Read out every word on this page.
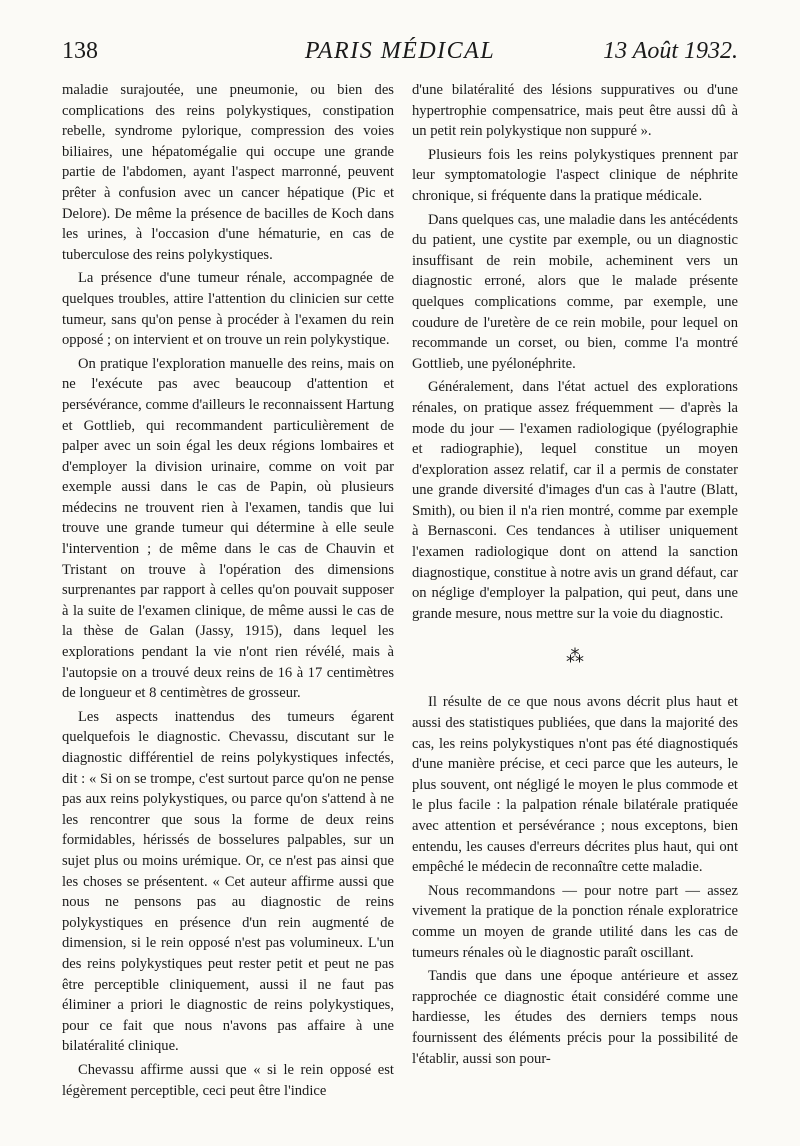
138	PARIS MÉDICAL	13 Août 1932.

maladie surajoutée, une pneumonie, ou bien des complications des reins polykystiques, constipation rebelle, syndrome pylorique, compression des voies biliaires, une hépatomégalie qui occupe une grande partie de l'abdomen, ayant l'aspect marronné, peuvent prêter à confusion avec un cancer hépatique (Pic et Delore). De même la présence de bacilles de Koch dans les urines, à l'occasion d'une hématurie, en cas de tuberculose des reins polykystiques.

La présence d'une tumeur rénale, accompagnée de quelques troubles, attire l'attention du clinicien sur cette tumeur, sans qu'on pense à procéder à l'examen du rein opposé ; on intervient et on trouve un rein polykystique.

On pratique l'exploration manuelle des reins, mais on ne l'exécute pas avec beaucoup d'attention et persévérance, comme d'ailleurs le reconnaissent Hartung et Gottlieb, qui recommandent particulièrement de palper avec un soin égal les deux régions lombaires et d'employer la division urinaire, comme on voit par exemple aussi dans le cas de Papin, où plusieurs médecins ne trouvent rien à l'examen, tandis que lui trouve une grande tumeur qui détermine à elle seule l'intervention ; de même dans le cas de Chauvin et Tristant on trouve à l'opération des dimensions surprenantes par rapport à celles qu'on pouvait supposer à la suite de l'examen clinique, de même aussi le cas de la thèse de Galan (Jassy, 1915), dans lequel les explorations pendant la vie n'ont rien révélé, mais à l'autopsie on a trouvé deux reins de 16 à 17 centimètres de longueur et 8 centimètres de grosseur.

Les aspects inattendus des tumeurs égarent quelquefois le diagnostic. Chevassu, discutant sur le diagnostic différentiel de reins polykystiques infectés, dit : « Si on se trompe, c'est surtout parce qu'on ne pense pas aux reins polykystiques, ou parce qu'on s'attend à ne les rencontrer que sous la forme de deux reins formidables, hérissés de bosselures palpables, sur un sujet plus ou moins urémique. Or, ce n'est pas ainsi que les choses se présentent. « Cet auteur affirme aussi que nous ne pensons pas au diagnostic de reins polykystiques en présence d'un rein augmenté de dimension, si le rein opposé n'est pas volumineux. L'un des reins polykystiques peut rester petit et peut ne pas être perceptible cliniquement, aussi il ne faut pas éliminer a priori le diagnostic de reins polykystiques, pour ce fait que nous n'avons pas affaire à une bilatéralité clinique.

Chevassu affirme aussi que « si le rein opposé est légèrement perceptible, ceci peut être l'indice

d'une bilatéralité des lésions suppuratives ou d'une hypertrophie compensatrice, mais peut être aussi dû à un petit rein polykystique non suppuré ».

Plusieurs fois les reins polykystiques prennent par leur symptomatologie l'aspect clinique de néphrite chronique, si fréquente dans la pratique médicale.

Dans quelques cas, une maladie dans les antécédents du patient, une cystite par exemple, ou un diagnostic insuffisant de rein mobile, acheminent vers un diagnostic erroné, alors que le malade présente quelques complications comme, par exemple, une coudure de l'uretère de ce rein mobile, pour lequel on recommande un corset, ou bien, comme l'a montré Gottlieb, une pyélonéphrite.

Généralement, dans l'état actuel des explorations rénales, on pratique assez fréquemment — d'après la mode du jour — l'examen radiologique (pyélographie et radiographie), lequel constitue un moyen d'exploration assez relatif, car il a permis de constater une grande diversité d'images d'un cas à l'autre (Blatt, Smith), ou bien il n'a rien montré, comme par exemple à Bernasconi. Ces tendances à utiliser uniquement l'examen radiologique dont on attend la sanction diagnostique, constitue à notre avis un grand défaut, car on néglige d'employer la palpation, qui peut, dans une grande mesure, nous mettre sur la voie du diagnostic.

⁂

Il résulte de ce que nous avons décrit plus haut et aussi des statistiques publiées, que dans la majorité des cas, les reins polykystiques n'ont pas été diagnostiqués d'une manière précise, et ceci parce que les auteurs, le plus souvent, ont négligé le moyen le plus commode et le plus facile : la palpation rénale bilatérale pratiquée avec attention et persévérance ; nous exceptons, bien entendu, les causes d'erreurs décrites plus haut, qui ont empêché le médecin de reconnaître cette maladie.

Nous recommandons — pour notre part — assez vivement la pratique de la ponction rénale exploratrice comme un moyen de grande utilité dans les cas de tumeurs rénales où le diagnostic paraît oscillant.

Tandis que dans une époque antérieure et assez rapprochée ce diagnostic était considéré comme une hardiesse, les études des derniers temps nous fournissent des éléments précis pour la possibilité de l'établir, aussi son pour-
